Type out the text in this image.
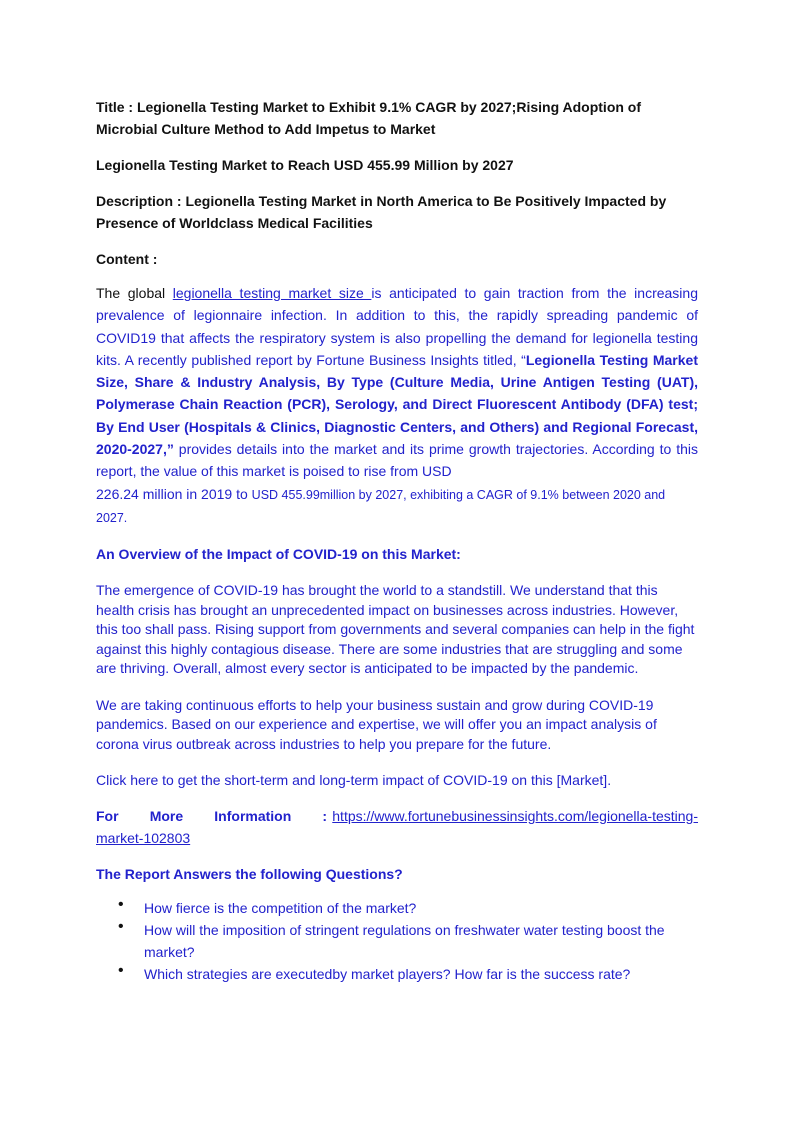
Title : Legionella Testing Market to Exhibit 9.1% CAGR by 2027;Rising Adoption of Microbial Culture Method to Add Impetus to Market

Legionella Testing Market to Reach USD 455.99 Million by 2027

Description : Legionella Testing Market in North America to Be Positively Impacted by Presence of Worldclass Medical Facilities

Content :

The global legionella testing market size is anticipated to gain traction from the increasing prevalence of legionnaire infection. In addition to this, the rapidly spreading pandemic of COVID19 that affects the respiratory system is also propelling the demand for legionella testing kits. A recently published report by Fortune Business Insights titled, “Legionella Testing Market Size, Share & Industry Analysis, By Type (Culture Media, Urine Antigen Testing (UAT), Polymerase Chain Reaction (PCR), Serology, and Direct Fluorescent Antibody (DFA) test; By End User (Hospitals & Clinics, Diagnostic Centers, and Others) and Regional Forecast, 2020-2027,” provides details into the market and its prime growth trajectories. According to this report, the value of this market is poised to rise from USD
226.24 million in 2019 to USD 455.99million by 2027, exhibiting a CAGR of 9.1% between 2020 and 2027.

An Overview of the Impact of COVID-19 on this Market:

The emergence of COVID-19 has brought the world to a standstill. We understand that this health crisis has brought an unprecedented impact on businesses across industries. However, this too shall pass. Rising support from governments and several companies can help in the fight against this highly contagious disease. There are some industries that are struggling and some are thriving. Overall, almost every sector is anticipated to be impacted by the pandemic.

We are taking continuous efforts to help your business sustain and grow during COVID-19 pandemics. Based on our experience and expertise, we will offer you an impact analysis of corona virus outbreak across industries to help you prepare for the future.

Click here to get the short-term and long-term impact of COVID-19 on this [Market].

For More Information : https://www.fortunebusinessinsights.com/legionella-testing-market-102803

The Report Answers the following Questions?

• How fierce is the competition of the market?
• How will the imposition of stringent regulations on freshwater water testing boost the market?
• Which strategies are executedby market players? How far is the success rate?
